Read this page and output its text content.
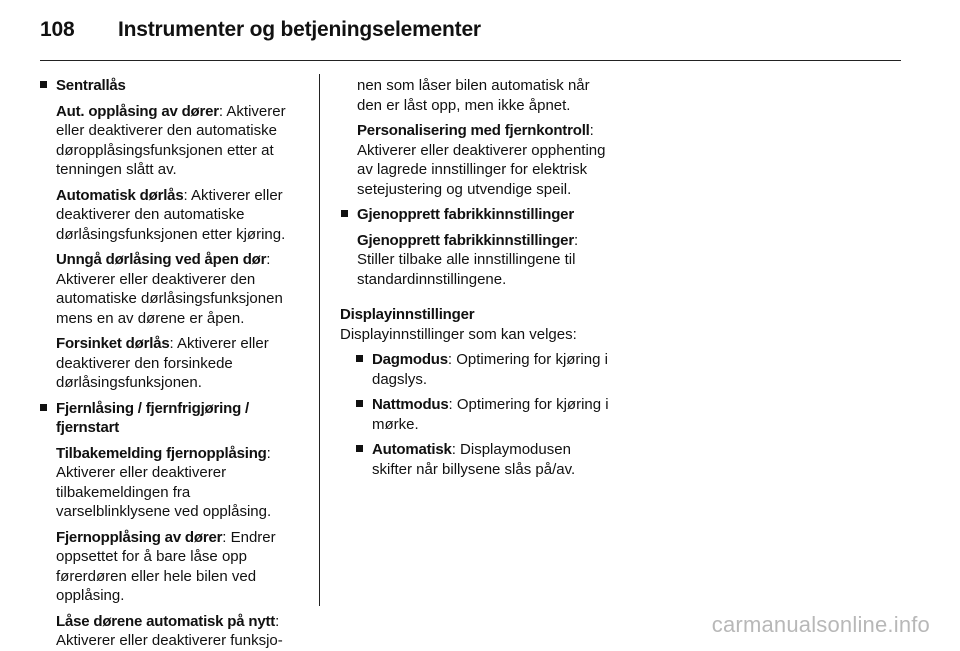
108 Instrumenter og betjeningselementer
Sentrallås

Aut. opplåsing av dører: Aktiverer eller deaktiverer den automatiske døropplåsingsfunksjonen etter at tenningen slått av.

Automatisk dørlås: Aktiverer eller deaktiverer den automatiske dørlåsingsfunksjonen etter kjøring.

Unngå dørlåsing ved åpen dør: Aktiverer eller deaktiverer den automatiske dørlåsingsfunksjonen mens en av dørene er åpen.

Forsinket dørlås: Aktiverer eller deaktiverer den forsinkede dørlåsingsfunksjonen.

Fjernlåsing / fjernfrigjøring / fjernstart

Tilbakemelding fjernopplåsing: Aktiverer eller deaktiverer tilbakemeldingen fra varselblinklysene ved opplåsing.

Fjernopplåsing av dører: Endrer oppsettet for å bare låse opp førerdøren eller hele bilen ved opplåsing.

Låse dørene automatisk på nytt: Aktiverer eller deaktiverer funksjo-

nen som låser bilen automatisk når den er låst opp, men ikke åpnet.

Personalisering med fjernkontroll: Aktiverer eller deaktiverer opphenting av lagrede innstillinger for elektrisk setejustering og utvendige speil.

Gjenopprett fabrikkinnstillinger

Gjenopprett fabrikkinnstillinger: Stiller tilbake alle innstillingene til standardinnstillingene.

Displayinnstillinger

Displayinnstillinger som kan velges:

Dagmodus: Optimering for kjøring i dagslys.
Nattmodus: Optimering for kjøring i mørke.
Automatisk: Displaymodusen skifter når billysene slås på/av.
carmanualsonline.info
